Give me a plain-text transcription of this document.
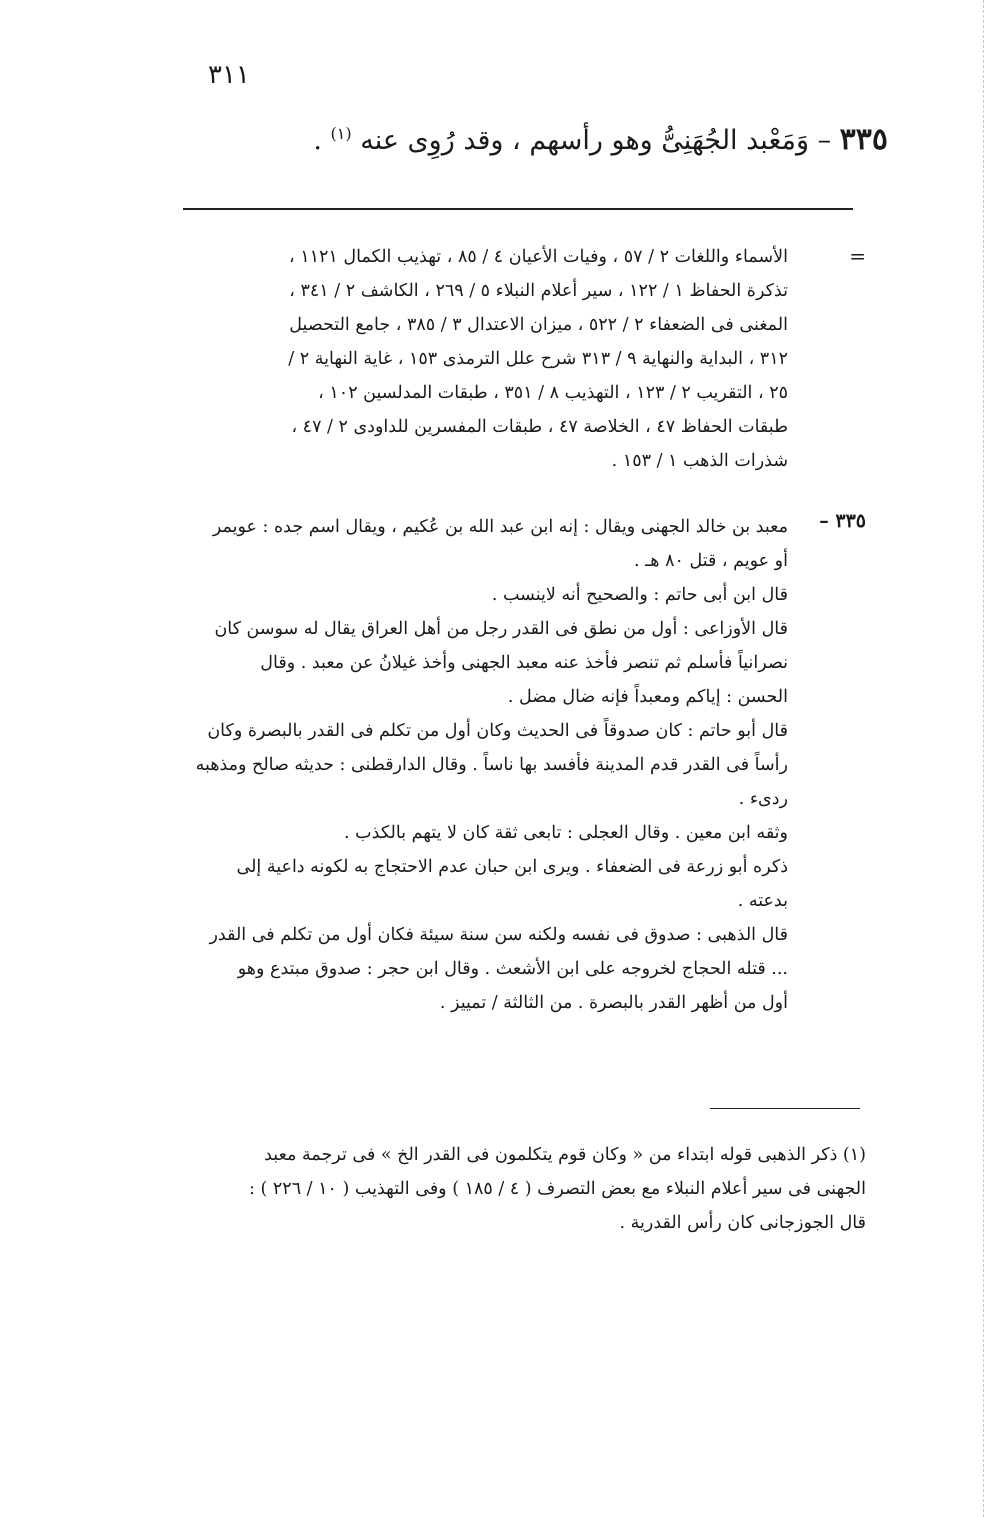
٣١١
٣٣٥ – وَمَعْبد الجُهَنِىُّ وهو رأسهم ، وقد رُوِى عنه $^{(١)}$ .
=
الأسماء واللغات ٢ / ٥٧ ، وفيات الأعيان ٤ / ٨٥ ، تهذيب الكمال ١١٢١ ،
تذكرة الحفاظ ١ / ١٢٢ ، سير أعلام النبلاء ٥ / ٢٦٩ ، الكاشف ٢ / ٣٤١ ،
المغنى فى الضعفاء ٢ / ٥٢٢ ، ميزان الاعتدال ٣ / ٣٨٥ ، جامع التحصيل
٣١٢ ، البداية والنهاية ٩ / ٣١٣ شرح علل الترمذى ١٥٣ ، غاية النهاية ٢ /
٢٥ ، التقريب ٢ / ١٢٣ ، التهذيب ٨ / ٣٥١ ، طبقات المدلسين ١٠٢ ،
طبقات الحفاظ ٤٧ ، الخلاصة ٤٧ ، طبقات المفسرين للداودى ٢ / ٤٧ ،
شذرات الذهب ١ / ١٥٣ .
٣٣٥ –
معبد بن خالد الجهنى ويقال : إنه ابن عبد الله بن عُكيم ، ويقال اسم جده : عويمر
أو عويم ، قتل ٨٠ هـ .
قال ابن أبى حاتم : والصحيح أنه لاينسب .
قال الأوزاعى : أول من نطق فى القدر رجل من أهل العراق يقال له سوسن كان
نصرانياً فأسلم ثم تنصر فأخذ عنه معبد الجهنى وأخذ غيلانُ عن معبد . وقال
الحسن : إياكم ومعبداً فإنه ضال مضل .
قال أبو حاتم : كان صدوقاً فى الحديث وكان أول من تكلم فى القدر بالبصرة وكان
رأساً فى القدر قدم المدينة فأفسد بها ناساً . وقال الدارقطنى : حديثه صالح ومذهبه
ردىء .
وثقه ابن معين . وقال العجلى : تابعى ثقة كان لا يتهم بالكذب .
ذكره أبو زرعة فى الضعفاء . ويرى ابن حبان عدم الاحتجاج به لكونه داعية إلى
بدعته .
قال الذهبى : صدوق فى نفسه ولكنه سن سنة سيئة فكان أول من تكلم فى القدر
... قتله الحجاج لخروجه على ابن الأشعث . وقال ابن حجر : صدوق مبتدع وهو
أول من أظهر القدر بالبصرة . من الثالثة / تمييز .
(١) ذكر الذهبى قوله ابتداء من « وكان قوم يتكلمون فى القدر الخ » فى ترجمة معبد
الجهنى فى سير أعلام النبلاء مع بعض التصرف ( ٤ / ١٨٥ ) وفى التهذيب ( ١٠ / ٢٢٦ ) :
قال الجوزجانى كان رأس القدرية .
